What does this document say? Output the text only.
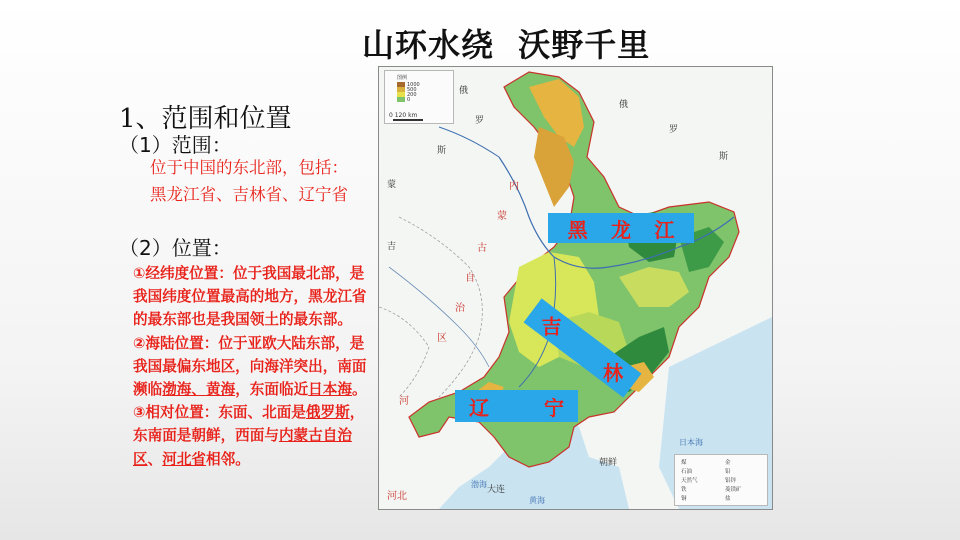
山环水绕  沃野千里
1、范围和位置
（1）范围：
位于中国的东北部，包括：黑龙江省、吉林省、辽宁省
（2）位置：

①经纬度位置：位于我国最北部，是我国纬度位置最高的地方，黑龙江省的最东部也是我国领土的最东部。

②海陆位置：位于亚欧大陆东部，是我国最偏东地区，向海洋突出，南面濒临渤海、黄海，东面临近日本海。

③相对位置：东面、北面是俄罗斯，东南面是朝鲜，西面与内蒙古自治区、河北省相邻。

图例
1000
500
200
0
0 120 km
煤
石油
天然气
铁
铜
金
铅
铝锌
菱镁矿
盐
俄
罗
斯
俄
罗
斯
内
蒙
古
自
治
区
蒙
吉
河
河北
朝鲜
日本海
渤海
黄海
大连
黑 龙 江
吉
林
辽	宁
